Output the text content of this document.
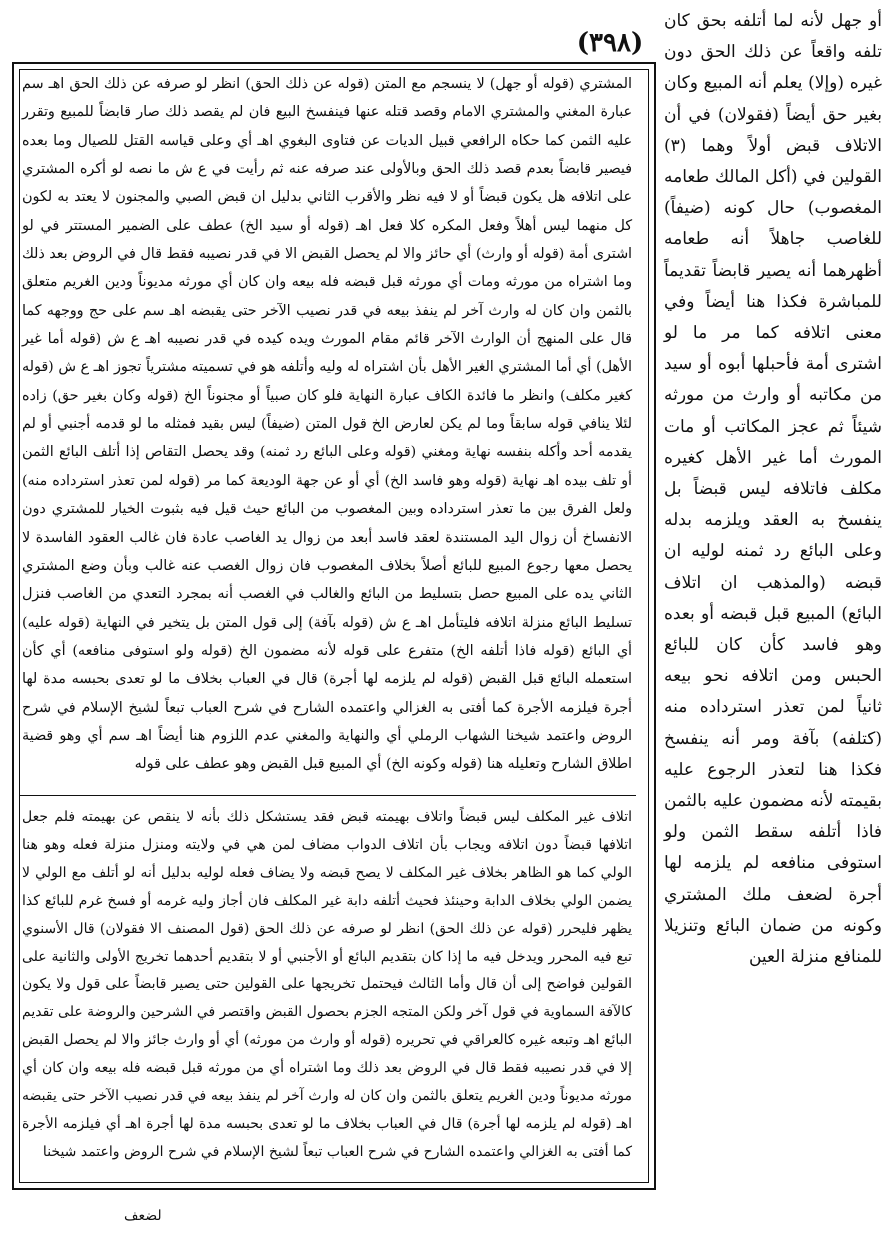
(٣٩٨)

أو جهل لأنه لما أتلفه بحق كان تلفه واقعاً عن ذلك الحق دون غيره (وإلا) يعلم أنه المبيع وكان بغير حق أيضاً (فقولان) في أن الاتلاف قبض أولاً وهما (٣) القولين في (أكل المالك طعامه المغصوب) حال كونه (ضيفاً) للغاصب جاهلاً أنه طعامه أظهرهما أنه يصير قابضاً تقديماً للمباشرة فكذا هنا أيضاً وفي معنى اتلافه كما مر ما لو اشترى أمة فأحبلها أبوه أو سيد من مكاتبه أو وارث من مورثه شيئاً ثم عجز المكاتب أو مات المورث أما غير الأهل كغيره مكلف فاتلافه ليس قبضاً بل ينفسخ به العقد ويلزمه بدله وعلى البائع رد ثمنه لوليه ان قبضه (والمذهب ان اتلاف البائع) المبيع قبل قبضه أو بعده وهو فاسد كأن كان للبائع الحبس ومن اتلافه نحو بيعه ثانياً لمن تعذر استرداده منه (كتلفه) بآفة ومر أنه ينفسخ فكذا هنا لتعذر الرجوع عليه بقيمته لأنه مضمون عليه بالثمن فاذا أتلفه سقط الثمن ولو استوفى منافعه لم يلزمه لها أجرة لضعف ملك المشتري وكونه من ضمان البائع وتنزيلا للمنافع منزلة العين

المشتري (قوله أو جهل) لا ينسجم مع المتن (قوله عن ذلك الحق) انظر لو صرفه عن ذلك الحق اهـ سم عبارة المغني والمشتري الامام وقصد قتله عنها فينفسخ البيع فان لم يقصد ذلك صار قابضاً للمبيع وتقرر عليه الثمن كما حكاه الرافعي قبيل الديات عن فتاوى البغوي اهـ أي وعلى قياسه القتل للصيال وما بعده فيصير قابضاً بعدم قصد ذلك الحق وبالأولى عند صرفه عنه ثم رأيت في ع ش ما نصه لو أكره المشتري على اتلافه هل يكون قبضاً أو لا فيه نظر والأقرب الثاني بدليل ان قبض الصبي والمجنون لا يعتد به لكون كل منهما ليس أهلاً وفعل المكره كلا فعل اهـ (قوله أو سيد الخ) عطف على الضمير المستتر في لو اشترى أمة (قوله أو وارث) أي حائز والا لم يحصل القبض الا في قدر نصيبه فقط قال في الروض بعد ذلك وما اشتراه من مورثه ومات أي مورثه قبل قبضه فله بيعه وان كان أي مورثه مديوناً ودين الغريم متعلق بالثمن وان كان له وارث آخر لم ينفذ بيعه في قدر نصيب الآخر حتى يقبضه اهـ سم على حج ووجهه كما قال على المنهج أن الوارث الآخر قائم مقام المورث ويده كيده في قدر نصيبه اهـ ع ش (قوله أما غير الأهل) أي أما المشتري الغير الأهل بأن اشتراه له وليه وأتلفه هو في تسميته مشترياً تجوز اهـ ع ش (قوله كغير مكلف) وانظر ما فائدة الكاف عبارة النهاية فلو كان صبياً أو مجنوناً الخ (قوله وكان بغير حق) زاده لئلا ينافي قوله سابقاً وما لم يكن لعارض الخ قول المتن (ضيفاً) ليس بقيد فمثله ما لو قدمه أجنبي أو لم يقدمه أحد وأكله بنفسه نهاية ومغني (قوله وعلى البائع رد ثمنه) وقد يحصل التقاص إذا أتلف البائع الثمن أو تلف بيده اهـ نهاية (قوله وهو فاسد الخ) أي أو عن جهة الوديعة كما مر (قوله لمن تعذر استرداده منه) ولعل الفرق بين ما تعذر استرداده وبين المغصوب من البائع حيث قيل فيه بثبوت الخيار للمشتري دون الانفساخ أن زوال اليد المستندة لعقد فاسد أبعد من زوال يد الغاصب عادة فان غالب العقود الفاسدة لا يحصل معها رجوع المبيع للبائع أصلاً بخلاف المغصوب فان زوال الغصب عنه غالب وبأن وضع المشتري الثاني يده على المبيع حصل بتسليط من البائع والغالب في الغصب أنه بمجرد التعدي من الغاصب فنزل تسليط البائع منزلة اتلافه فليتأمل اهـ ع ش (قوله بآفة) إلى قول المتن بل يتخير في النهاية (قوله عليه) أي البائع (قوله فاذا أتلفه الخ) متفرع على قوله لأنه مضمون الخ (قوله ولو استوفى منافعه) أي كأن استعمله البائع قبل القبض (قوله لم يلزمه لها أجرة) قال في العباب بخلاف ما لو تعدى بحبسه مدة لها أجرة فيلزمه الأجرة كما أفتى به الغزالي واعتمده الشارح في شرح العباب تبعاً لشيخ الإسلام في شرح الروض واعتمد شيخنا الشهاب الرملي أي والنهاية والمغني عدم اللزوم هنا أيضاً اهـ سم أي وهو قضية اطلاق الشارح وتعليله هنا (قوله وكونه الخ) أي المبيع قبل القبض وهو عطف على قوله

اتلاف غير المكلف ليس قبضاً واتلاف بهيمته قبض فقد يستشكل ذلك بأنه لا ينقص عن بهيمته فلم جعل اتلافها قبضاً دون اتلافه ويجاب بأن اتلاف الدواب مضاف لمن هي في ولايته ومنزل منزلة فعله وهو هنا الولي كما هو الظاهر بخلاف غير المكلف لا يصح قبضه ولا يضاف فعله لوليه بدليل أنه لو أتلف مع الولي لا يضمن الولي بخلاف الدابة وحينئذ فحيث أتلفه دابة غير المكلف فان أجاز وليه غرمه أو فسخ غرم للبائع كذا يظهر فليحرر (قوله عن ذلك الحق) انظر لو صرفه عن ذلك الحق (قول المصنف الا فقولان) قال الأسنوي تبع فيه المحرر ويدخل فيه ما إذا كان بتقديم البائع أو الأجنبي أو لا بتقديم أحدهما تخريج الأولى والثانية على القولين فواضح إلى أن قال وأما الثالث فيحتمل تخريجها على القولين حتى يصير قابضاً على قول ولا يكون كالآفة السماوية في قول آخر ولكن المتجه الجزم بحصول القبض واقتصر في الشرحين والروضة على تقديم البائع اهـ وتبعه غيره كالعراقي في تحريره (قوله أو وارث من مورثه) أي أو وارث جائز والا لم يحصل القبض إلا في قدر نصيبه فقط قال في الروض بعد ذلك وما اشتراه أي من مورثه قبل قبضه فله بيعه وان كان أي مورثه مديوناً ودين الغريم يتعلق بالثمن وان كان له وارث آخر لم ينفذ بيعه في قدر نصيب الآخر حتى يقبضه اهـ (قوله لم يلزمه لها أجرة) قال في العباب بخلاف ما لو تعدى بحبسه مدة لها أجرة اهـ أي فيلزمه الأجرة كما أفتى به الغزالي واعتمده الشارح في شرح العباب تبعاً لشيخ الإسلام في شرح الروض واعتمد شيخنا

لضعف
